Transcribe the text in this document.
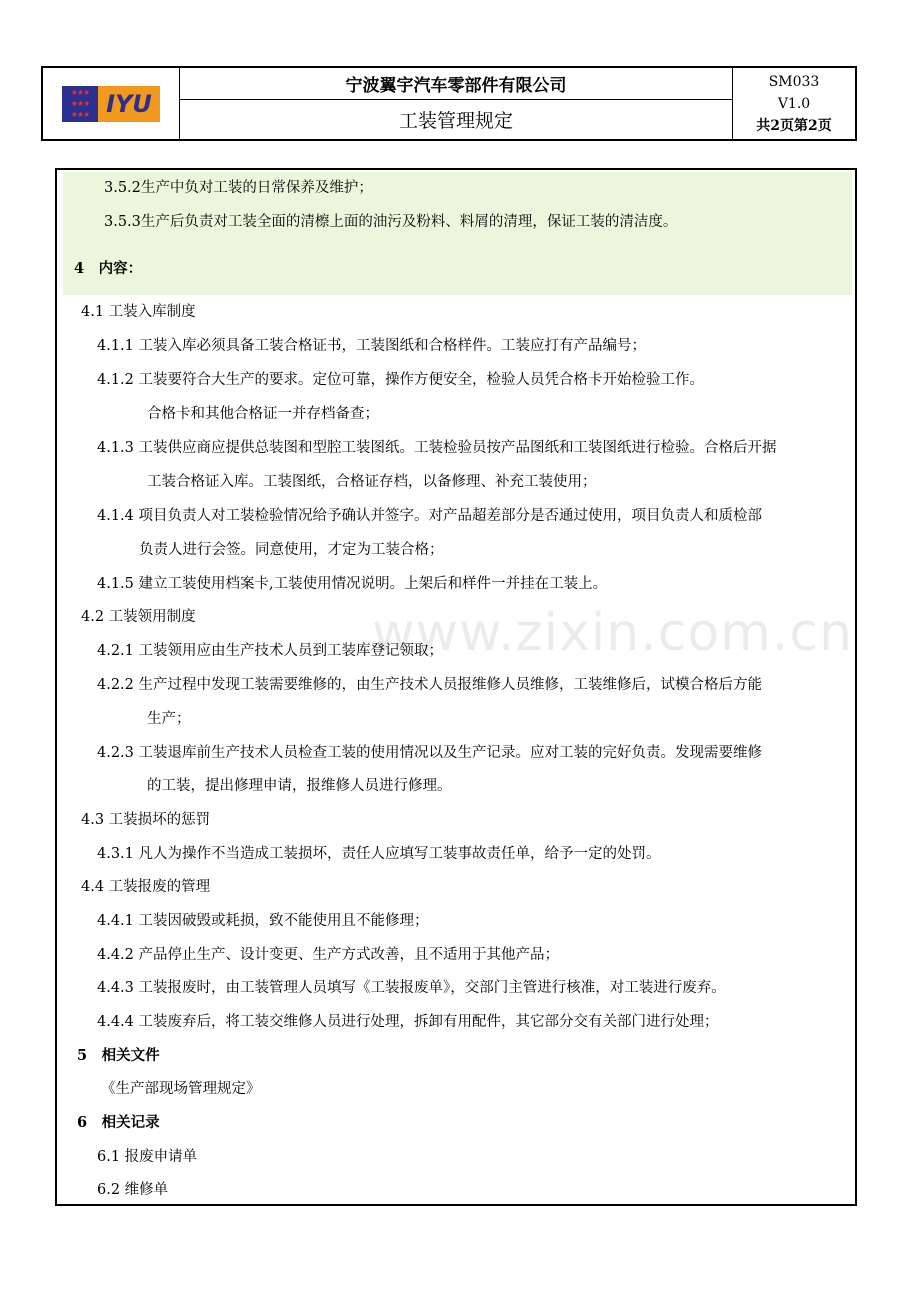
★★★
★★★
★★★ IYU
宁波翼宇汽车零部件有限公司
工装管理规定
SM033
V1.0
共2页第2页
3.5.2生产中负对工装的日常保养及维护；
3.5.3生产后负责对工装全面的清檫上面的油污及粉料、料屑的清理，保证工装的清洁度。
4　内容：
4.1 工装入库制度
4.1.1 工装入库必须具备工装合格证书，工装图纸和合格样件。工装应打有产品编号；
4.1.2 工装要符合大生产的要求。定位可靠，操作方便安全，检验人员凭合格卡开始检验工作。
合格卡和其他合格证一并存档备查；
4.1.3 工装供应商应提供总装图和型腔工装图纸。工装检验员按产品图纸和工装图纸进行检验。合格后开据
工装合格证入库。工装图纸，合格证存档，以备修理、补充工装使用；
4.1.4 项目负责人对工装检验情况给予确认并签字。对产品超差部分是否通过使用，项目负责人和质检部
负责人进行会签。同意使用，才定为工装合格；
4.1.5 建立工装使用档案卡,工装使用情况说明。上架后和样件一并挂在工装上。
4.2 工装领用制度
4.2.1 工装领用应由生产技术人员到工装库登记领取；
4.2.2 生产过程中发现工装需要维修的，由生产技术人员报维修人员维修，工装维修后，试模合格后方能
生产；
4.2.3 工装退库前生产技术人员检查工装的使用情况以及生产记录。应对工装的完好负责。发现需要维修
的工装，提出修理申请，报维修人员进行修理。
4.3 工装损坏的惩罚
4.3.1 凡人为操作不当造成工装损坏，责任人应填写工装事故责任单，给予一定的处罚。
4.4 工装报废的管理
4.4.1 工装因破毁或耗损，致不能使用且不能修理；
4.4.2 产品停止生产、设计变更、生产方式改善，且不适用于其他产品；
4.4.3 工装报废时，由工装管理人员填写《工装报废单》，交部门主管进行核准，对工装进行废弃。
4.4.4 工装废弃后，将工装交维修人员进行处理，拆卸有用配件，其它部分交有关部门进行处理；
5　相关文件
《生产部现场管理规定》
6　相关记录
6.1 报废申请单
6.2 维修单
www.zixin.com.cn
